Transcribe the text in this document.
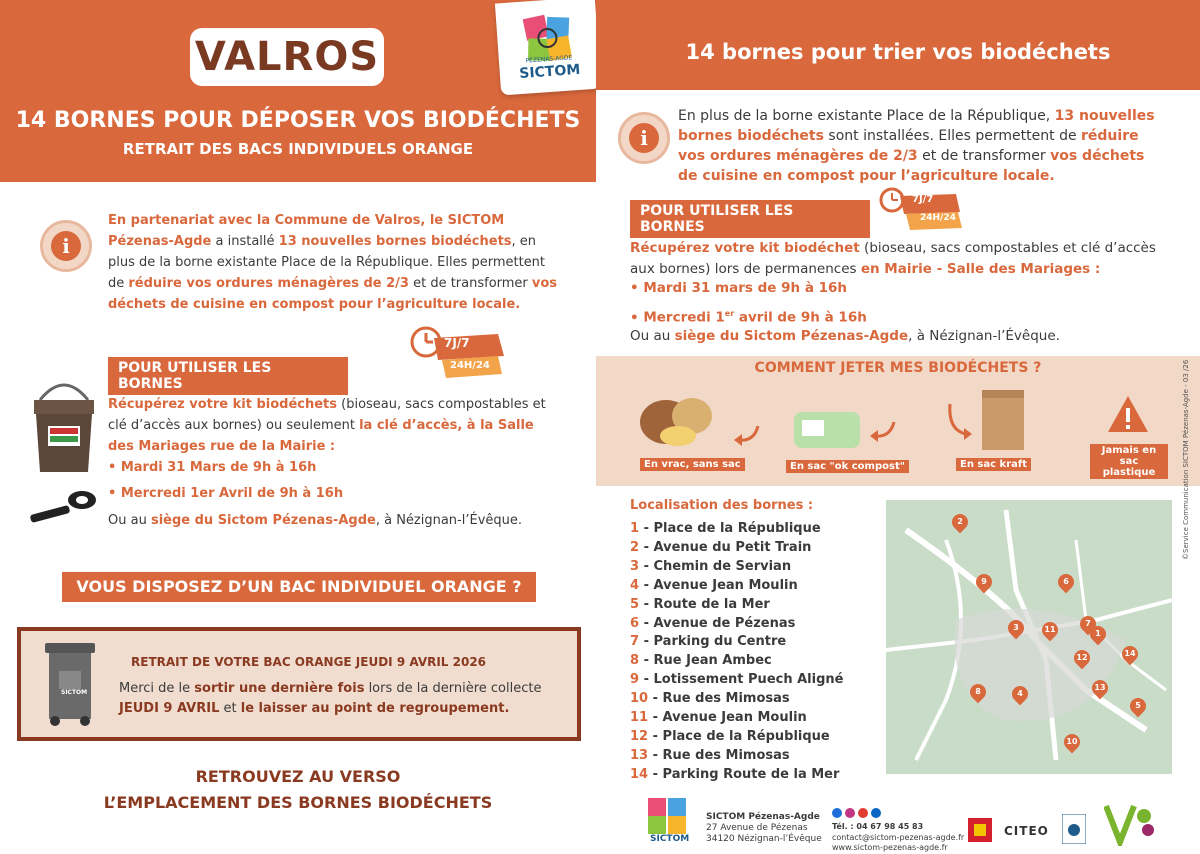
VALROS
14 BORNES POUR DÉPOSER VOS BIODÉCHETS
RETRAIT DES BACS INDIVIDUELS ORANGE
PÉZENAS-AGDE
SICTOM
i
En partenariat avec la Commune de Valros, le SICTOM Pézenas-Agde a installé 13 nouvelles bornes biodéchets, en plus de la borne existante Place de la République. Elles permettent de réduire vos ordures ménagères de 2/3 et de transformer vos déchets de cuisine en compost pour l’agriculture locale.
7J/7
24H/24
POUR UTILISER LES BORNES
Récupérez votre kit biodéchets (bioseau, sacs compostables et clé d’accès aux bornes) ou seulement la clé d’accès, à la Salle des Mariages rue de la Mairie :
• Mardi 31 Mars de 9h à 16h
• Mercredi 1er Avril de 9h à 16h
Ou au siège du Sictom Pézenas-Agde, à Nézignan-l’Évêque.
VOUS DISPOSEZ D’UN BAC INDIVIDUEL ORANGE ?
SICTOM
RETRAIT DE VOTRE BAC ORANGE JEUDI 9 AVRIL 2026
Merci de le sortir une dernière fois lors de la dernière collecte
JEUDI 9 AVRIL et le laisser au point de regroupement.
RETROUVEZ AU VERSO
L’EMPLACEMENT DES BORNES BIODÉCHETS
14 bornes pour trier vos biodéchets
i
En plus de la borne existante Place de la République, 13 nouvelles bornes biodéchets sont installées. Elles permettent de réduire vos ordures ménagères de 2/3 et de transformer vos déchets de cuisine en compost pour l’agriculture locale.
POUR UTILISER LES BORNES
7J/7
24H/24
Récupérez votre kit biodéchet (bioseau, sacs compostables et clé d’accès aux bornes) lors de permanences en Mairie - Salle des Mariages :
• Mardi 31 mars de 9h à 16h
• Mercredi 1er avril de 9h à 16h
Ou au siège du Sictom Pézenas-Agde, à Nézignan-l’Évêque.
COMMENT JETER MES BIODÉCHETS ?
En vrac, sans sac	En sac "ok compost"	En sac kraft
Jamais en sac plastique
Localisation des bornes :
1 - Place de la République
2 - Avenue du Petit Train
3 - Chemin de Servian
4 - Avenue Jean Moulin
5 - Route de la Mer
6 - Avenue de Pézenas
7 - Parking du Centre
8 - Rue Jean Ambec
9 - Lotissement Puech Aligné
10 - Rue des Mimosas
11 - Avenue Jean Moulin
12 - Place de la République
13 - Rue des Mimosas
14 - Parking Route de la Mer
2
9	6
3	11
7
1
12	14
13
8	4
5
10
©Service Communication SICTOM Pézenas-Agde - 03 /26
SICTOM
SICTOM Pézenas-Agde
27 Avenue de Pézenas
34120 Nézignan-l’Évêque
Tél. : 04 67 98 45 83
contact@sictom-pezenas-agde.fr
www.sictom-pezenas-agde.fr
CITEO
